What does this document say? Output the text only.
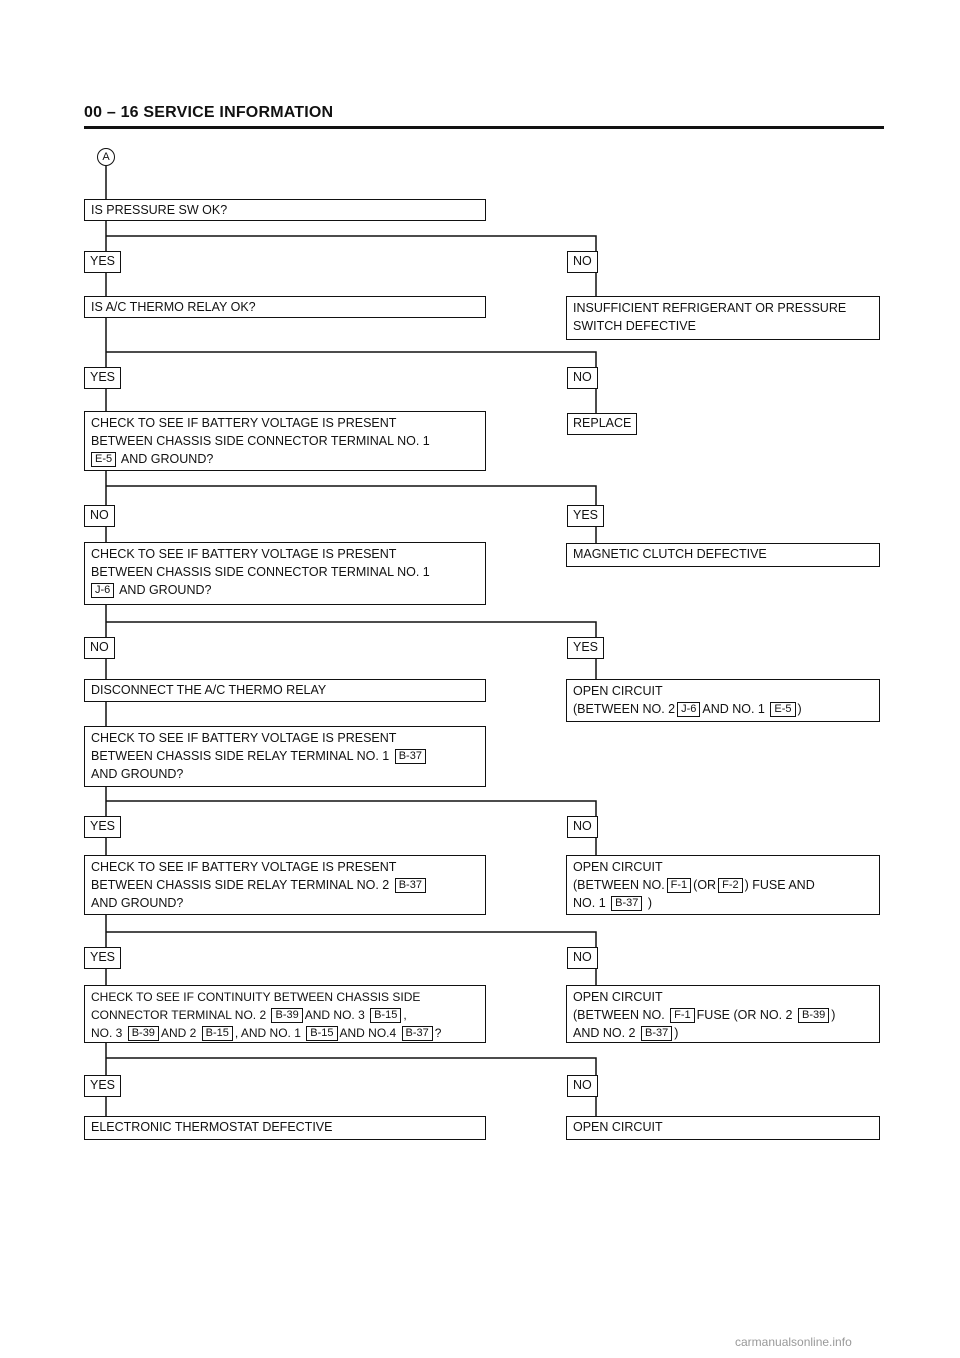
00 – 16 SERVICE INFORMATION
A
IS PRESSURE SW OK?
YES	NO
IS A/C THERMO RELAY OK?	INSUFFICIENT REFRIGERANT OR PRESSURE
SWITCH DEFECTIVE
YES	NO
REPLACE
CHECK TO SEE IF BATTERY VOLTAGE IS PRESENT
BETWEEN CHASSIS SIDE CONNECTOR TERMINAL NO. 1
E-5 AND GROUND?
NO	YES
MAGNETIC CLUTCH DEFECTIVE
CHECK TO SEE IF BATTERY VOLTAGE IS PRESENT
BETWEEN CHASSIS SIDE CONNECTOR TERMINAL NO. 1
J-6 AND GROUND?
NO	YES
OPEN CIRCUIT
(BETWEEN NO. 2 J-6 AND NO. 1 E-5 )
DISCONNECT THE A/C THERMO RELAY
CHECK TO SEE IF BATTERY VOLTAGE IS PRESENT
BETWEEN CHASSIS SIDE RELAY TERMINAL NO. 1 B-37
AND GROUND?
YES	NO
CHECK TO SEE IF BATTERY VOLTAGE IS PRESENT
BETWEEN CHASSIS SIDE RELAY TERMINAL NO. 2 B-37
AND GROUND?
OPEN CIRCUIT
(BETWEEN NO. F-1 (OR F-2 ) FUSE AND
NO. 1 B-37 )
YES	NO
CHECK TO SEE IF CONTINUITY BETWEEN CHASSIS SIDE
CONNECTOR TERMINAL NO. 2 B-39 AND NO. 3 B-15 ,
NO. 3 B-39 AND 2 B-15 , AND NO. 1 B-15 AND NO.4 B-37 ?
OPEN CIRCUIT
(BETWEEN NO. F-1 FUSE (OR NO. 2 B-39 )
AND NO. 2 B-37 )
YES	NO
ELECTRONIC THERMOSTAT DEFECTIVE	OPEN CIRCUIT
carmanualsonline.info
